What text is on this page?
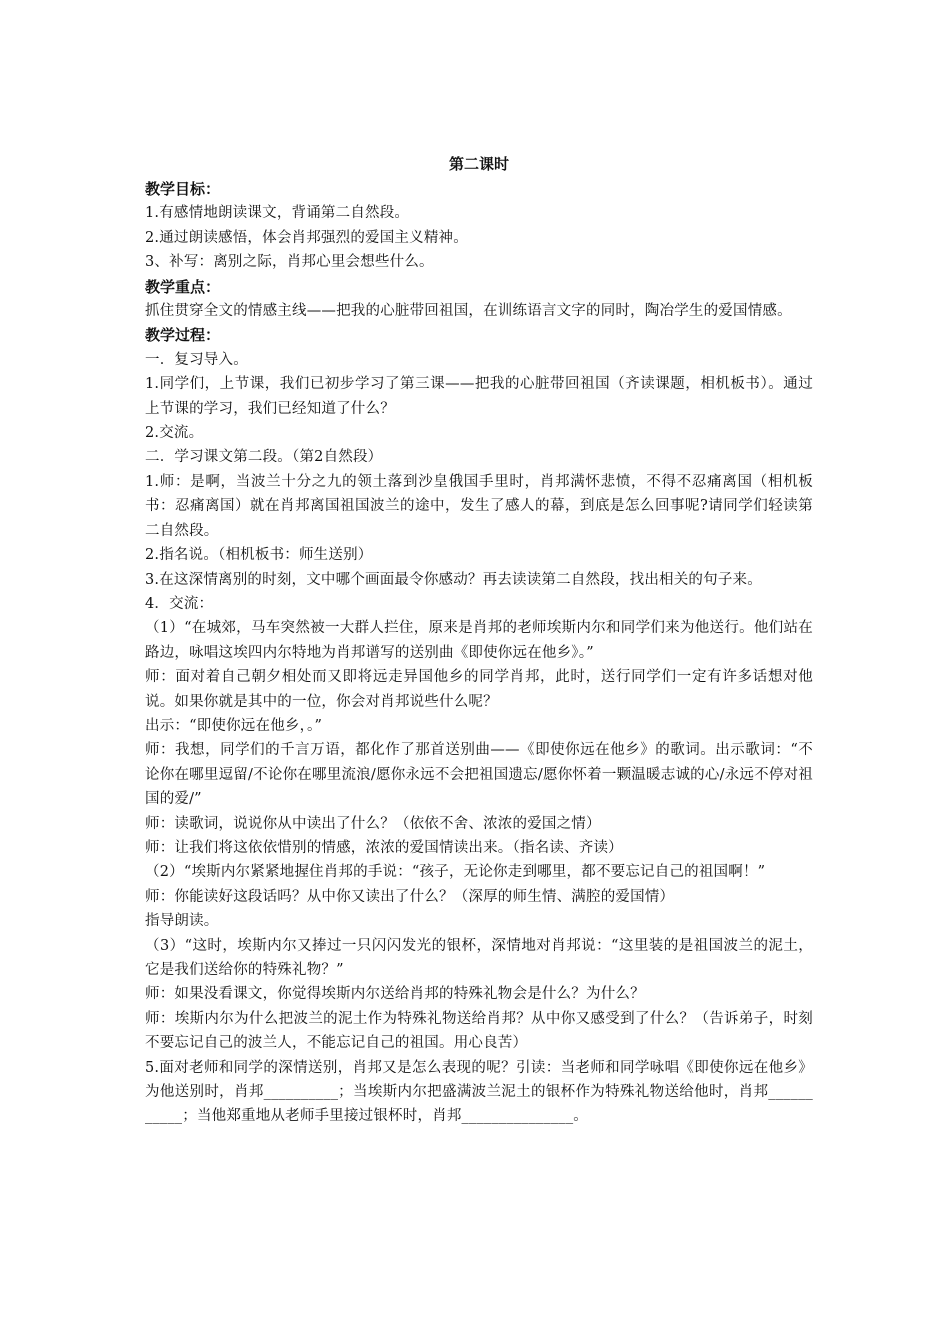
第二课时
教学目标：

1.有感情地朗读课文，背诵第二自然段。

2.通过朗读感悟，体会肖邦强烈的爱国主义精神。

3、补写：离别之际，肖邦心里会想些什么。

教学重点：

抓住贯穿全文的情感主线——把我的心脏带回祖国，在训练语言文字的同时，陶冶学生的爱国情感。

教学过程：

一．复习导入。

1.同学们，上节课，我们已初步学习了第三课——把我的心脏带回祖国（齐读课题，相机板书）。通过上节课的学习，我们已经知道了什么？

2.交流。

二．学习课文第二段。（第2自然段）

1.师：是啊，当波兰十分之九的领土落到沙皇俄国手里时，肖邦满怀悲愤，不得不忍痛离国（相机板书：忍痛离国）就在肖邦离国祖国波兰的途中，发生了感人的幕，到底是怎么回事呢?请同学们轻读第二自然段。

2.指名说。（相机板书：师生送别）

3.在这深情离别的时刻，文中哪个画面最令你感动？再去读读第二自然段，找出相关的句子来。

4．交流：

（1）“在城郊，马车突然被一大群人拦住，原来是肖邦的老师埃斯内尔和同学们来为他送行。他们站在路边，咏唱这埃四内尔特地为肖邦谱写的送别曲《即使你远在他乡》。”

师：面对着自己朝夕相处而又即将远走异国他乡的同学肖邦，此时，送行同学们一定有许多话想对他说。如果你就是其中的一位，你会对肖邦说些什么呢？

出示：“即使你远在他乡，。”

师：我想，同学们的千言万语，都化作了那首送别曲——《即使你远在他乡》的歌词。出示歌词：“不论你在哪里逗留/不论你在哪里流浪/愿你永远不会把祖国遗忘/愿你怀着一颗温暖志诚的心/永远不停对祖国的爱/”

师：读歌词，说说你从中读出了什么？（依依不舍、浓浓的爱国之情）

师：让我们将这依依惜别的情感，浓浓的爱国情读出来。（指名读、齐读）

（2）“埃斯内尔紧紧地握住肖邦的手说：“孩子，无论你走到哪里，都不要忘记自己的祖国啊！”

师：你能读好这段话吗？从中你又读出了什么？（深厚的师生情、满腔的爱国情）

指导朗读。

（3）“这时，埃斯内尔又捧过一只闪闪发光的银杯，深情地对肖邦说：“这里装的是祖国波兰的泥土，它是我们送给你的特殊礼物？”

师：如果没看课文，你觉得埃斯内尔送给肖邦的特殊礼物会是什么？为什么？

师：埃斯内尔为什么把波兰的泥土作为特殊礼物送给肖邦？从中你又感受到了什么？（告诉弟子，时刻不要忘记自己的波兰人，不能忘记自己的祖国。用心良苦）

5.面对老师和同学的深情送别，肖邦又是怎么表现的呢？引读：当老师和同学咏唱《即使你远在他乡》为他送别时，肖邦__________；当埃斯内尔把盛满波兰泥土的银杯作为特殊礼物送给他时，肖邦___________；当他郑重地从老师手里接过银杯时，肖邦_______________。
